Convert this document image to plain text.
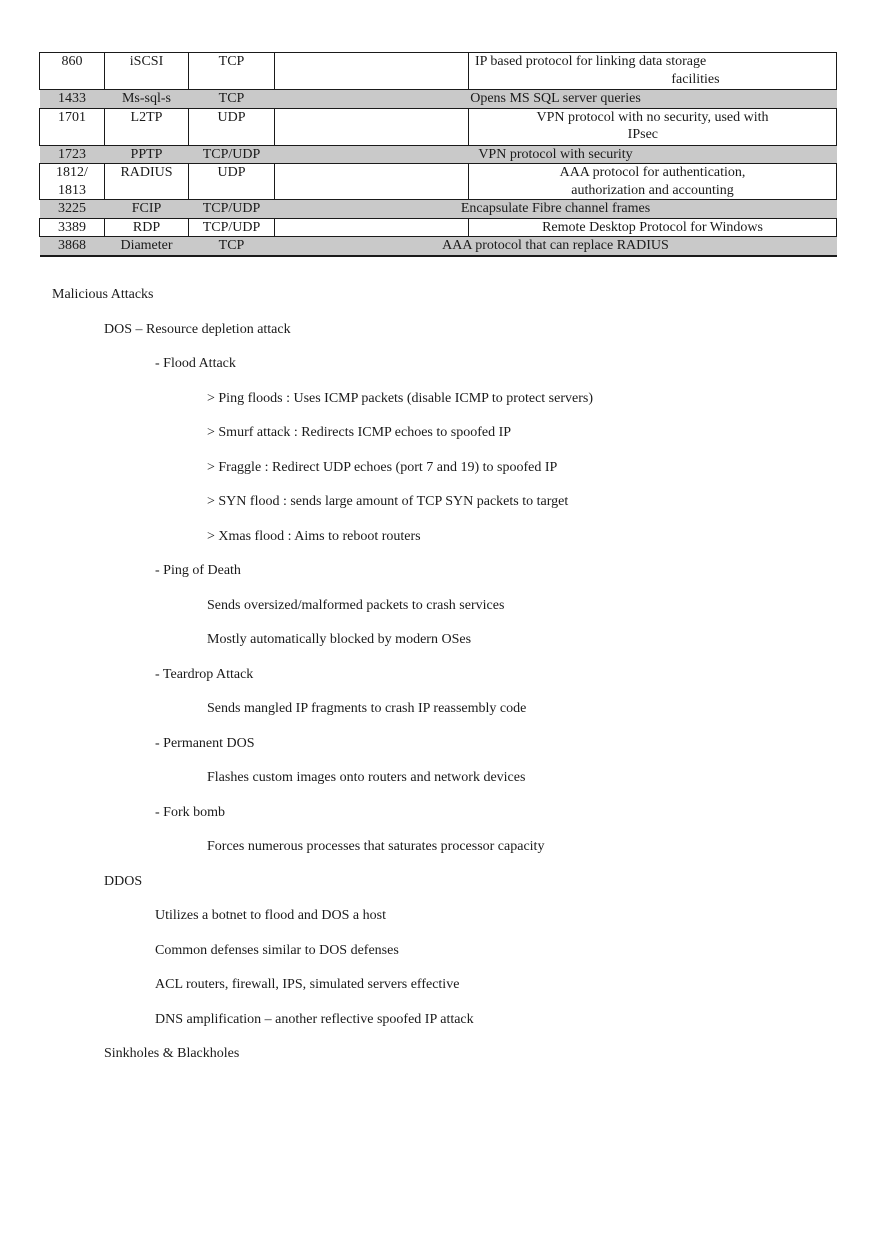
860	iSCSI	TCP		IP based protocol for linking data storage
facilities

1433	Ms-sql-s	TCP	Opens MS SQL server queries	
1701	L2TP	UDP		VPN protocol with no security, used with
IPsec

1723	PPTP	TCP/UDP	VPN protocol with security	
1812/
1813	RADIUS	UDP		AAA protocol for authentication,
authorization and accounting
3225	FCIP	TCP/UDP	Encapsulate Fibre channel frames	
3389	RDP	TCP/UDP		Remote Desktop Protocol for Windows
3868	Diameter	TCP	AAA protocol that can replace RADIUS	
Malicious Attacks
DOS – Resource depletion attack
- Flood Attack
> Ping floods : Uses ICMP packets (disable ICMP to protect servers)
> Smurf attack : Redirects ICMP echoes to spoofed IP
> Fraggle : Redirect UDP echoes (port 7 and 19) to spoofed IP
> SYN flood : sends large amount of TCP SYN packets to target
> Xmas flood : Aims to reboot routers
- Ping of Death
Sends oversized/malformed packets to crash services
Mostly automatically blocked by modern OSes
- Teardrop Attack
Sends mangled IP fragments to crash IP reassembly code
- Permanent DOS
Flashes custom images onto routers and network devices
- Fork bomb
Forces numerous processes that saturates processor capacity
DDOS
Utilizes a botnet to flood and DOS a host
Common defenses similar to DOS defenses
ACL routers, firewall, IPS, simulated servers effective
DNS amplification – another reflective spoofed IP attack
Sinkholes & Blackholes
